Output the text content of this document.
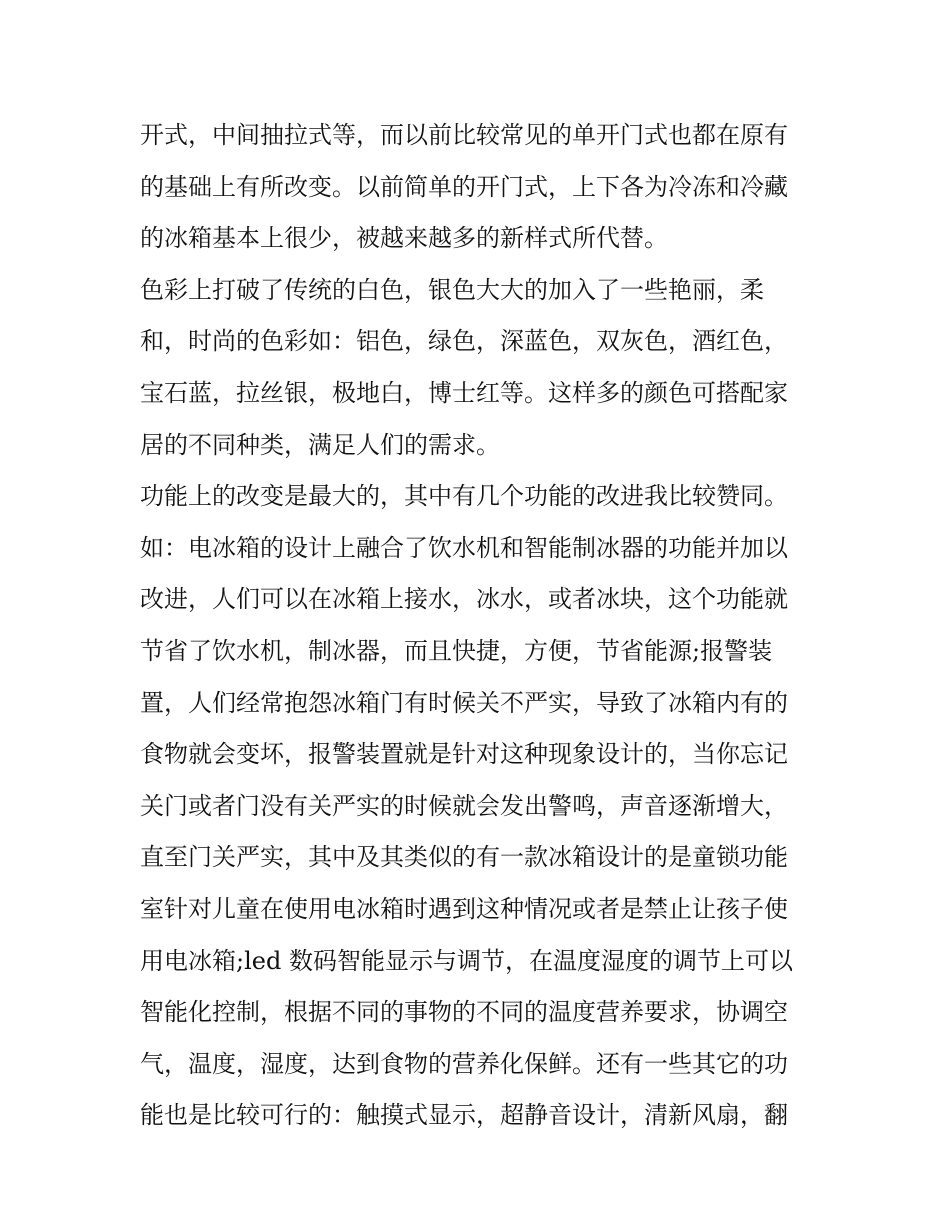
开式，中间抽拉式等，而以前比较常见的单开门式也都在原有
的基础上有所改变。以前简单的开门式，上下各为冷冻和冷藏
的冰箱基本上很少，被越来越多的新样式所代替。
色彩上打破了传统的白色，银色大大的加入了一些艳丽，柔
和，时尚的色彩如：铝色，绿色，深蓝色，双灰色，酒红色，
宝石蓝，拉丝银，极地白，博士红等。这样多的颜色可搭配家
居的不同种类，满足人们的需求。
功能上的改变是最大的，其中有几个功能的改进我比较赞同。
如：电冰箱的设计上融合了饮水机和智能制冰器的功能并加以
改进，人们可以在冰箱上接水，冰水，或者冰块，这个功能就
节省了饮水机，制冰器，而且快捷，方便，节省能源;报警装
置，人们经常抱怨冰箱门有时候关不严实，导致了冰箱内有的
食物就会变坏，报警装置就是针对这种现象设计的，当你忘记
关门或者门没有关严实的时候就会发出警鸣，声音逐渐增大，
直至门关严实，其中及其类似的有一款冰箱设计的是童锁功能
室针对儿童在使用电冰箱时遇到这种情况或者是禁止让孩子使
用电冰箱;led 数码智能显示与调节，在温度湿度的调节上可以
智能化控制，根据不同的事物的不同的温度营养要求，协调空
气，温度，湿度，达到食物的营养化保鲜。还有一些其它的功
能也是比较可行的：触摸式显示，超静音设计，清新风扇，翻
